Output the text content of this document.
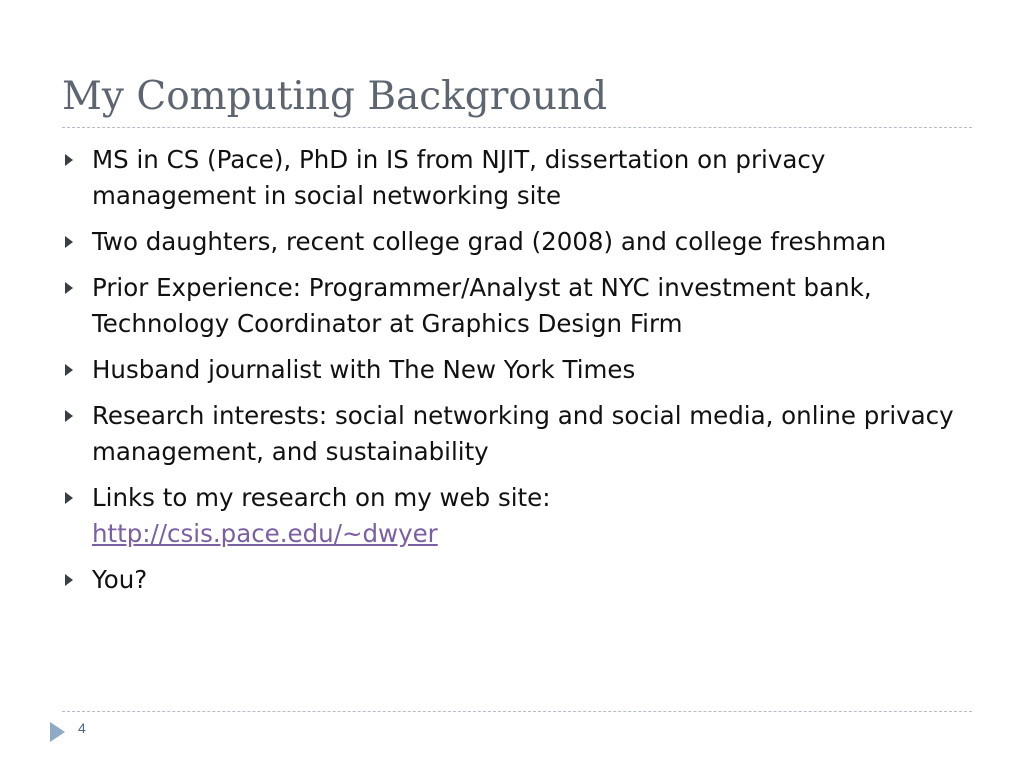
My Computing Background
MS in CS (Pace), PhD in IS from NJIT, dissertation on privacy management in social networking site
Two daughters, recent college grad (2008) and college freshman
Prior Experience: Programmer/Analyst at NYC investment bank, Technology Coordinator at Graphics Design Firm
Husband journalist with The New York Times
Research interests: social networking and social media, online privacy management, and sustainability
Links to my research on my web site:
http://csis.pace.edu/~dwyer
You?
4
